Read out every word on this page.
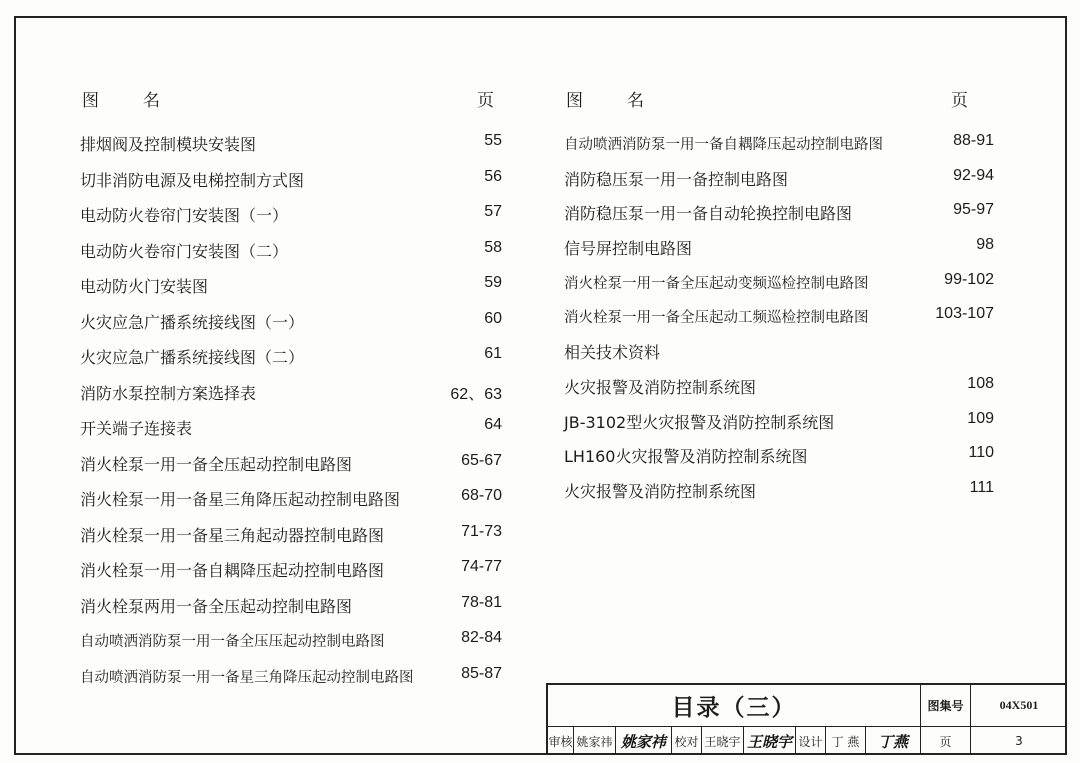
图名	页
排烟阀及控制模块安装图	55
切非消防电源及电梯控制方式图	56
电动防火卷帘门安装图（一）	57
电动防火卷帘门安装图（二）	58
电动防火门安装图	59
火灾应急广播系统接线图（一）	60
火灾应急广播系统接线图（二）	61
消防水泵控制方案选择表	62、63
开关端子连接表	64
消火栓泵一用一备全压起动控制电路图	65-67
消火栓泵一用一备星三角降压起动控制电路图	68-70
消火栓泵一用一备星三角起动器控制电路图	71-73
消火栓泵一用一备自耦降压起动控制电路图	74-77
消火栓泵两用一备全压起动控制电路图	78-81
自动喷洒消防泵一用一备全压压起动控制电路图	82-84
自动喷洒消防泵一用一备星三角降压起动控制电路图	85-87
图名	页
自动喷洒消防泵一用一备自耦降压起动控制电路图	88-91
消防稳压泵一用一备控制电路图	92-94
消防稳压泵一用一备自动轮换控制电路图	95-97
信号屏控制电路图	98
消火栓泵一用一备全压起动变频巡检控制电路图	99-102
消火栓泵一用一备全压起动工频巡检控制电路图	103-107
相关技术资料
火灾报警及消防控制系统图	108
JB-3102型火灾报警及消防控制系统图	109
LH160火灾报警及消防控制系统图	110
火灾报警及消防控制系统图	111
目录（三）	图集号	04X501
审核 姚家祎 姚家祎 校对 王晓宇 王晓宇 设计 丁 燕	丁燕	页	3
